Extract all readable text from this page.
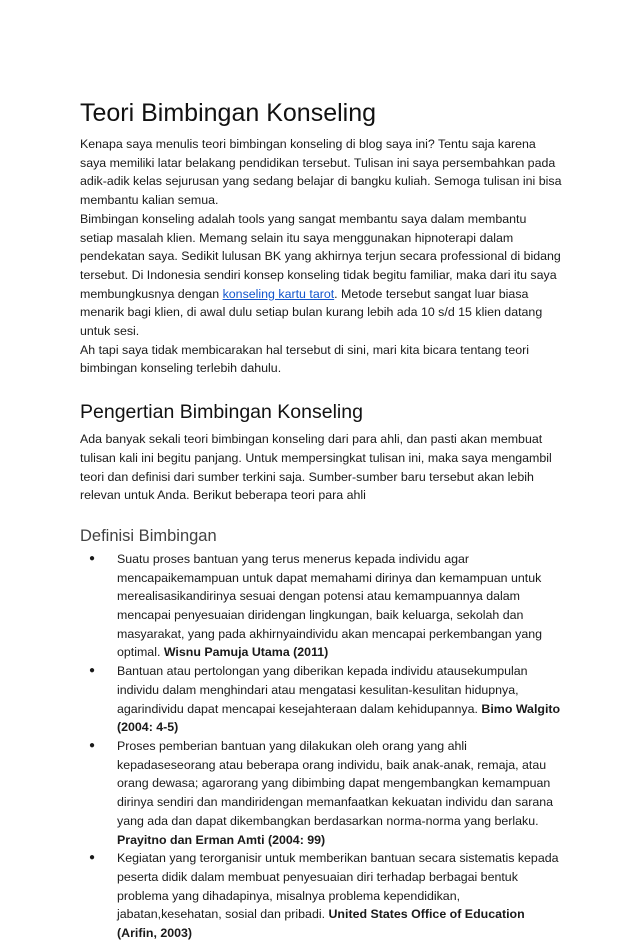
Teori Bimbingan Konseling

Kenapa saya menulis teori bimbingan konseling di blog saya ini? Tentu saja karena saya memiliki latar belakang pendidikan tersebut. Tulisan ini saya persembahkan pada adik-adik kelas sejurusan yang sedang belajar di bangku kuliah. Semoga tulisan ini bisa membantu kalian semua.

Bimbingan konseling adalah tools yang sangat membantu saya dalam membantu setiap masalah klien. Memang selain itu saya menggunakan hipnoterapi dalam pendekatan saya. Sedikit lulusan BK yang akhirnya terjun secara professional di bidang tersebut. Di Indonesia sendiri konsep konseling tidak begitu familiar, maka dari itu saya membungkusnya dengan konseling kartu tarot. Metode tersebut sangat luar biasa menarik bagi klien, di awal dulu setiap bulan kurang lebih ada 10 s/d 15 klien datang untuk sesi.

Ah tapi saya tidak membicarakan hal tersebut di sini, mari kita bicara tentang teori bimbingan konseling terlebih dahulu.

Pengertian Bimbingan Konseling

Ada banyak sekali teori bimbingan konseling dari para ahli, dan pasti akan membuat tulisan kali ini begitu panjang. Untuk mempersingkat tulisan ini, maka saya mengambil teori dan definisi dari sumber terkini saja. Sumber-sumber baru tersebut akan lebih relevan untuk Anda. Berikut beberapa teori para ahli

Definisi Bimbingan
● Suatu proses bantuan yang terus menerus kepada individu agar mencapaikemampuan untuk dapat memahami dirinya dan kemampuan untuk merealisasikandirinya sesuai dengan potensi atau kemampuannya dalam mencapai penyesuaian diridengan lingkungan, baik keluarga, sekolah dan masyarakat, yang pada akhirnyaindividu akan mencapai perkembangan yang optimal. Wisnu Pamuja Utama (2011)
● Bantuan atau pertolongan yang diberikan kepada individu atausekumpulan individu dalam menghindari atau mengatasi kesulitan-kesulitan hidupnya, agarindividu dapat mencapai kesejahteraan dalam kehidupannya. Bimo Walgito (2004: 4-5)
● Proses pemberian bantuan yang dilakukan oleh orang yang ahli kepadaseseorang atau beberapa orang individu, baik anak-anak, remaja, atau orang dewasa; agarorang yang dibimbing dapat mengembangkan kemampuan dirinya sendiri dan mandiridengan memanfaatkan kekuatan individu dan sarana yang ada dan dapat dikembangkan berdasarkan norma-norma yang berlaku. Prayitno dan Erman Amti (2004: 99)
● Kegiatan yang terorganisir untuk memberikan bantuan secara sistematis kepada peserta didik dalam membuat penyesuaian diri terhadap berbagai bentuk problema yang dihadapinya, misalnya problema kependidikan, jabatan,kesehatan, sosial dan pribadi. United States Office of Education (Arifin, 2003)
